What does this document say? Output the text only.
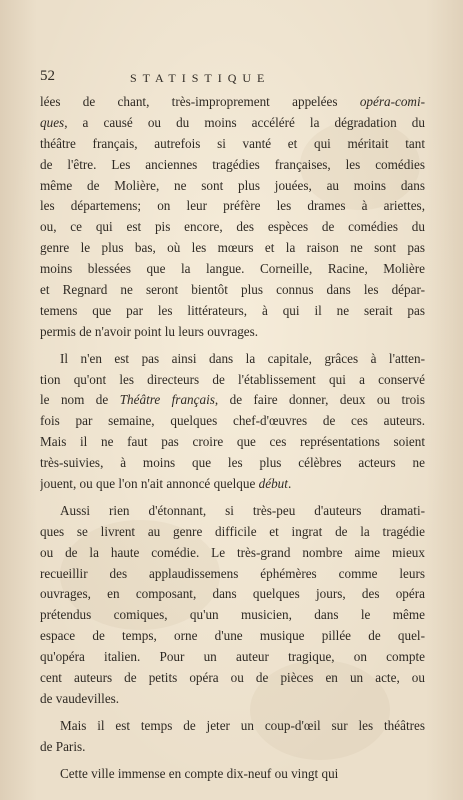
52	STATISTIQUE
lées de chant, très-improprement appelées opéra-comi-
ques, a causé ou du moins accéléré la dégradation du
théâtre français, autrefois si vanté et qui méritait tant
de l'être. Les anciennes tragédies françaises, les comédies
même de Molière, ne sont plus jouées, au moins dans
les départemens; on leur préfère les drames à ariettes,
ou, ce qui est pis encore, des espèces de comédies du
genre le plus bas, où les mœurs et la raison ne sont pas
moins blessées que la langue. Corneille, Racine, Molière
et Regnard ne seront bientôt plus connus dans les dépar-
temens que par les littérateurs, à qui il ne serait pas
permis de n'avoir point lu leurs ouvrages.
Il n'en est pas ainsi dans la capitale, grâces à l'atten-
tion qu'ont les directeurs de l'établissement qui a conservé
le nom de Théâtre français, de faire donner, deux ou trois
fois par semaine, quelques chef-d'œuvres de ces auteurs.
Mais il ne faut pas croire que ces représentations soient
très-suivies, à moins que les plus célèbres acteurs ne
jouent, ou que l'on n'ait annoncé quelque début.
Aussi rien d'étonnant, si très-peu d'auteurs dramati-
ques se livrent au genre difficile et ingrat de la tragédie
ou de la haute comédie. Le très-grand nombre aime mieux
recueillir des applaudissemens éphémères comme leurs
ouvrages, en composant, dans quelques jours, des opéra
prétendus comiques, qu'un musicien, dans le même
espace de temps, orne d'une musique pillée de quel-
qu'opéra italien. Pour un auteur tragique, on compte
cent auteurs de petits opéra ou de pièces en un acte, ou
de vaudevilles.
Mais il est temps de jeter un coup-d'œil sur les théâtres
de Paris.
Cette ville immense en compte dix-neuf ou vingt qui
